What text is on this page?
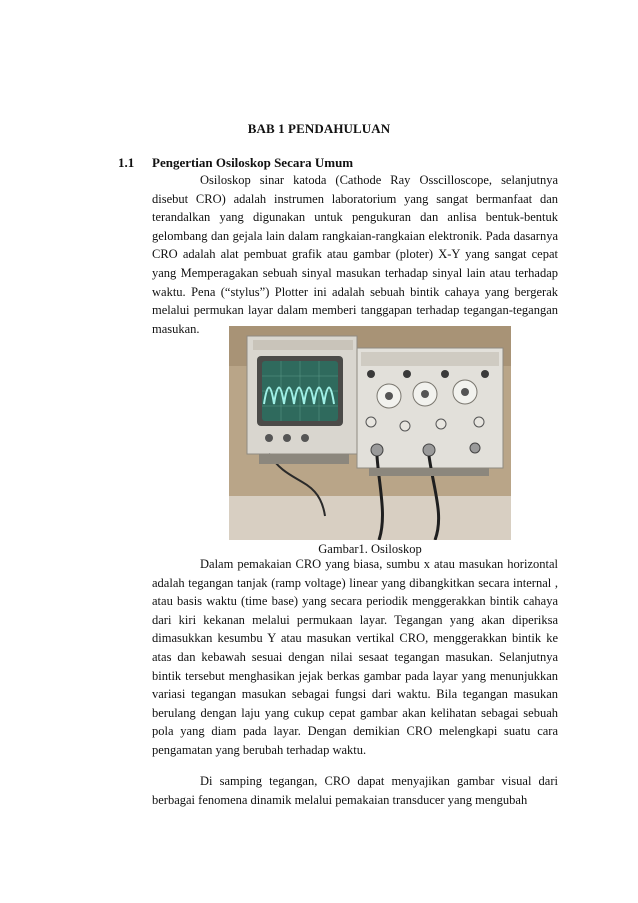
BAB 1 PENDAHULUAN
1.1 Pengertian Osiloskop Secara Umum

Osiloskop sinar katoda (Cathode Ray Osscilloscope, selanjutnya disebut CRO) adalah instrumen laboratorium yang sangat bermanfaat dan terandalkan yang digunakan untuk pengukuran dan anlisa bentuk-bentuk gelombang dan gejala lain dalam rangkaian-rangkaian elektronik. Pada dasarnya CRO adalah alat pembuat grafik atau gambar (ploter) X-Y yang sangat cepat yang Memperagakan sebuah sinyal masukan terhadap sinyal lain atau terhadap waktu. Pena (“stylus”) Plotter ini adalah sebuah bintik cahaya yang bergerak melalui permukan layar dalam memberi tanggapan terhadap tegangan-tegangan masukan.

Gambar1. Osiloskop

Dalam pemakaian CRO yang biasa, sumbu x atau masukan horizontal adalah tegangan tanjak (ramp voltage) linear yang dibangkitkan secara internal , atau basis waktu (time base) yang secara periodik menggerakkan bintik cahaya dari kiri kekanan melalui permukaan layar. Tegangan yang akan diperiksa dimasukkan kesumbu Y atau masukan vertikal CRO, menggerakkan bintik ke atas dan kebawah sesuai dengan nilai sesaat tegangan masukan. Selanjutnya bintik tersebut menghasikan jejak berkas gambar pada layar yang menunjukkan variasi tegangan masukan sebagai fungsi dari waktu. Bila tegangan masukan berulang dengan laju yang cukup cepat gambar akan kelihatan sebagai sebuah pola yang diam pada layar. Dengan demikian CRO melengkapi suatu cara pengamatan yang berubah terhadap waktu.

Di samping tegangan, CRO dapat menyajikan gambar visual dari berbagai fenomena dinamik melalui pemakaian transducer yang mengubah
